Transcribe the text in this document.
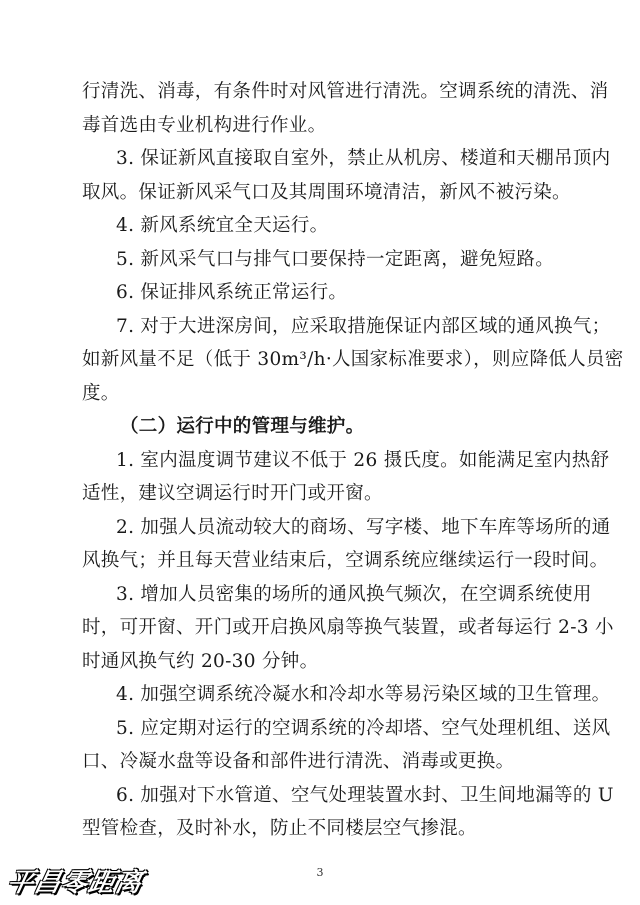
行清洗、消毒，有条件时对风管进行清洗。空调系统的清洗、消
毒首选由专业机构进行作业。
3. 保证新风直接取自室外，禁止从机房、楼道和天棚吊顶内
取风。保证新风采气口及其周围环境清洁，新风不被污染。
4. 新风系统宜全天运行。
5. 新风采气口与排气口要保持一定距离，避免短路。
6. 保证排风系统正常运行。
7. 对于大进深房间，应采取措施保证内部区域的通风换气；
如新风量不足（低于 30m³/h·人国家标准要求），则应降低人员密
度。
（二）运行中的管理与维护。
1. 室内温度调节建议不低于 26 摄氏度。如能满足室内热舒
适性，建议空调运行时开门或开窗。
2. 加强人员流动较大的商场、写字楼、地下车库等场所的通
风换气；并且每天营业结束后，空调系统应继续运行一段时间。
3. 增加人员密集的场所的通风换气频次，在空调系统使用
时，可开窗、开门或开启换风扇等换气装置，或者每运行 2-3 小
时通风换气约 20-30 分钟。
4. 加强空调系统冷凝水和冷却水等易污染区域的卫生管理。
5. 应定期对运行的空调系统的冷却塔、空气处理机组、送风
口、冷凝水盘等设备和部件进行清洗、消毒或更换。
6. 加强对下水管道、空气处理装置水封、卫生间地漏等的 U
型管检查，及时补水，防止不同楼层空气掺混。
3
平昌零距离
